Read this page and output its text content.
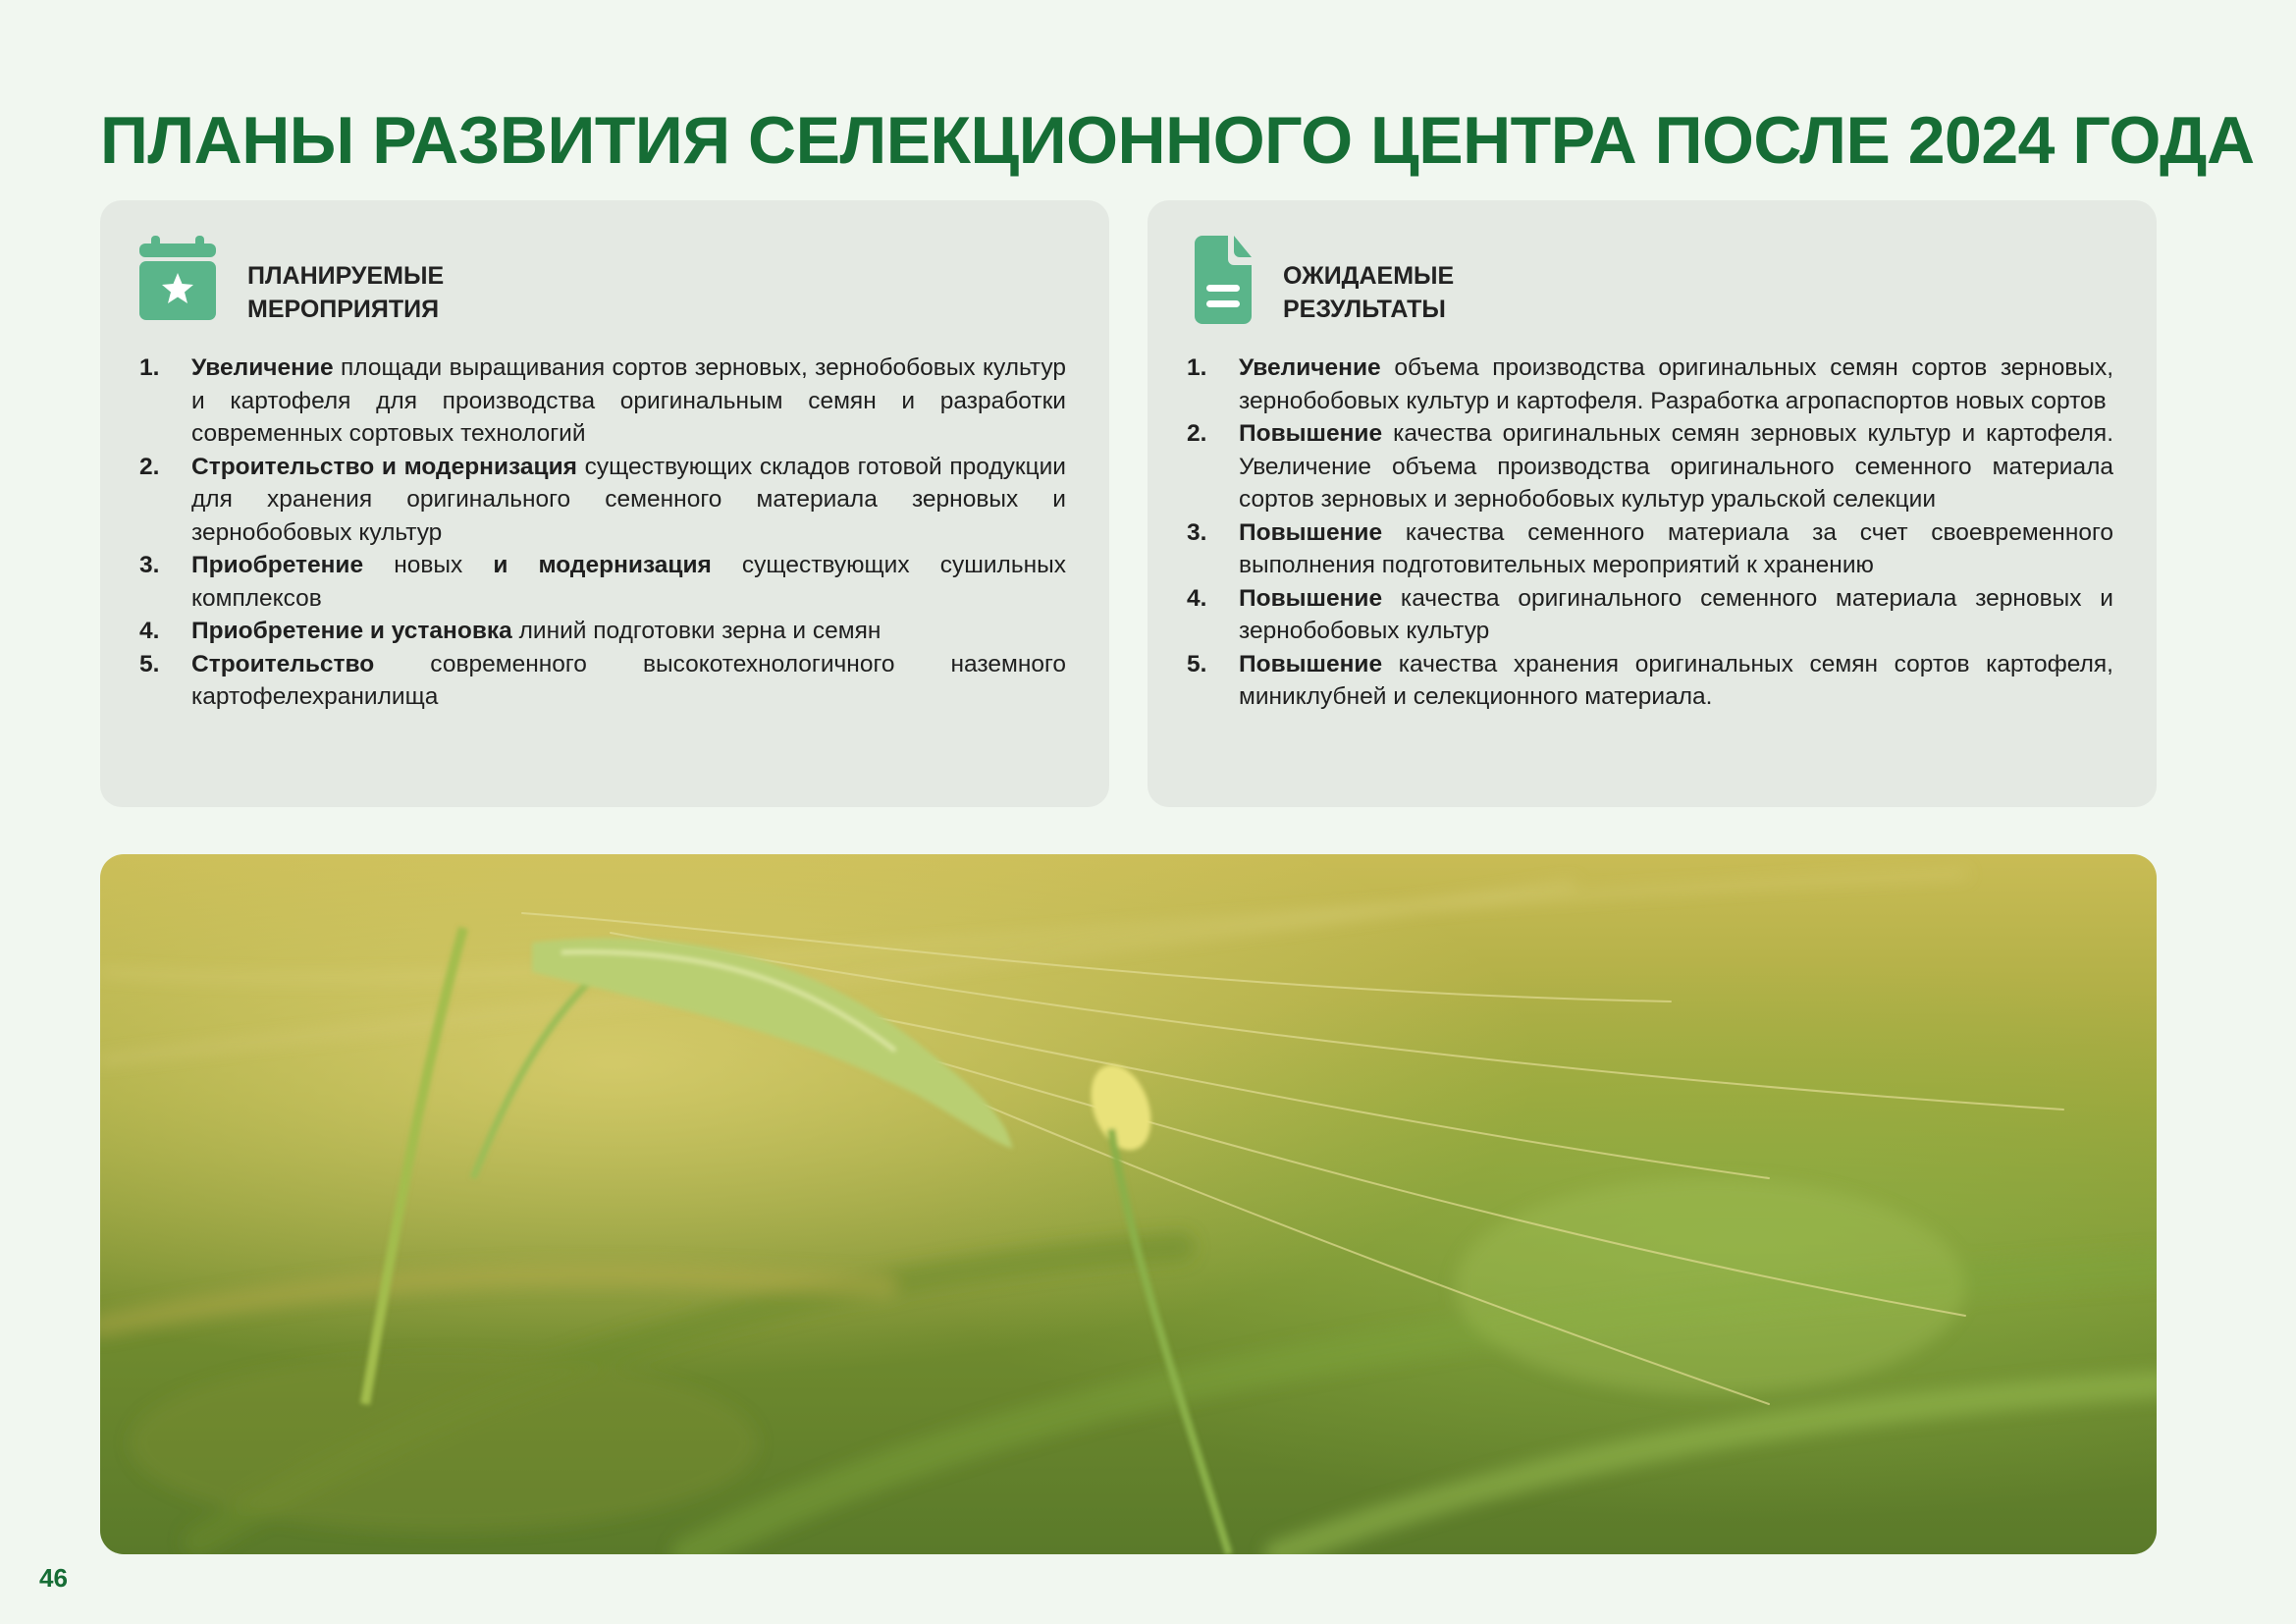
ПЛАНЫ РАЗВИТИЯ СЕЛЕКЦИОННОГО ЦЕНТРА ПОСЛЕ 2024 ГОДА
ПЛАНИРУЕМЫЕ
МЕРОПРИЯТИЯ
1. Увеличение площади выращивания сортов зерновых, зернобобовых культур и картофеля для производства оригинальным семян и разработки современных сортовых технологий
2. Строительство и модернизация существующих складов готовой продукции для хранения оригинального семенного материала зерновых и зернобобовых культур
3. Приобретение новых и модернизация существующих сушильных комплексов
4. Приобретение и установка линий подготовки зерна и семян
5. Строительство современного высокотехнологичного наземного картофелехранилища
ОЖИДАЕМЫЕ
РЕЗУЛЬТАТЫ
1. Увеличение объема производства оригинальных семян сортов зерновых, зернобобовых культур и картофеля. Разработка агропаспортов новых сортов
2. Повышение качества оригинальных семян зерновых культур и картофеля. Увеличение объема производства оригинального семенного материала сортов зерновых и зернобобовых культур уральской селекции
3. Повышение качества семенного материала за счет своевременного выполнения подготовительных мероприятий к хранению
4. Повышение качества оригинального семенного материала зерновых и зернобобовых культур
5. Повышение качества хранения оригинальных семян сортов картофеля, миниклубней и селекционного материала.
46
